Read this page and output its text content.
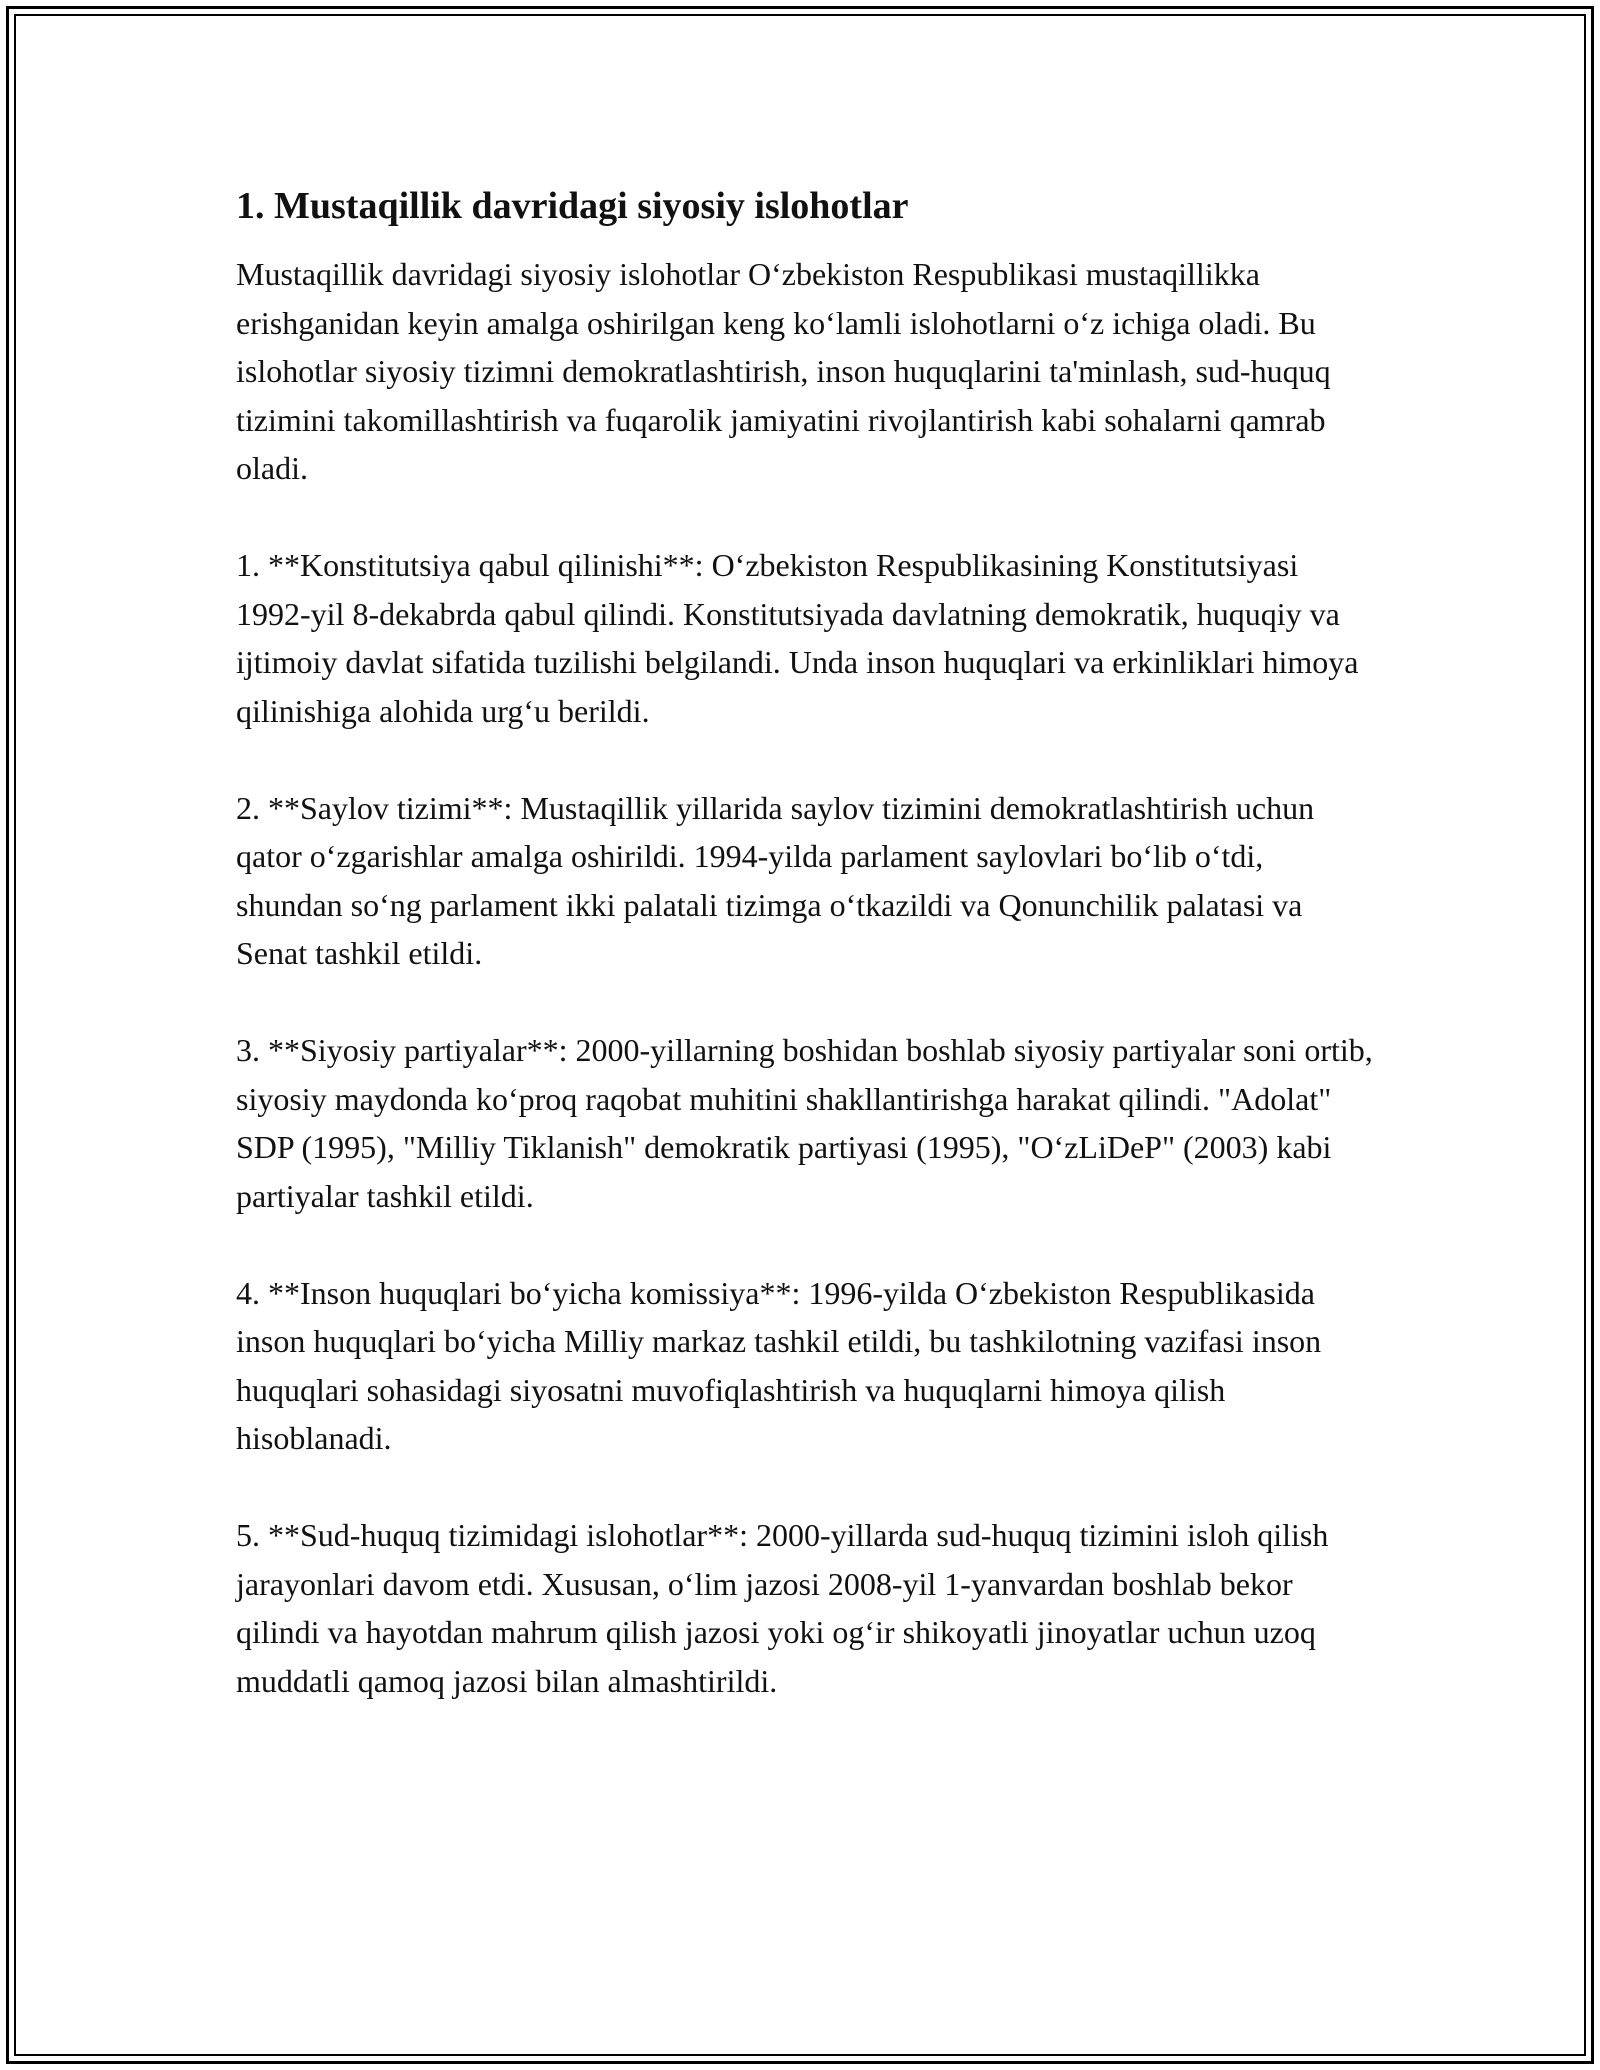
1. Mustaqillik davridagi siyosiy islohotlar

Mustaqillik davridagi siyosiy islohotlar O‘zbekiston Respublikasi mustaqillikka erishganidan keyin amalga oshirilgan keng ko‘lamli islohotlarni o‘z ichiga oladi. Bu islohotlar siyosiy tizimni demokratlashtirish, inson huquqlarini ta'minlash, sud-huquq tizimini takomillashtirish va fuqarolik jamiyatini rivojlantirish kabi sohalarni qamrab oladi.

1. **Konstitutsiya qabul qilinishi**: O‘zbekiston Respublikasining Konstitutsiyasi 1992-yil 8-dekabrda qabul qilindi. Konstitutsiyada davlatning demokratik, huquqiy va ijtimoiy davlat sifatida tuzilishi belgilandi. Unda inson huquqlari va erkinliklari himoya qilinishiga alohida urg‘u berildi.

2. **Saylov tizimi**: Mustaqillik yillarida saylov tizimini demokratlashtirish uchun qator o‘zgarishlar amalga oshirildi. 1994-yilda parlament saylovlari bo‘lib o‘tdi, shundan so‘ng parlament ikki palatali tizimga o‘tkazildi va Qonunchilik palatasi va Senat tashkil etildi.

3. **Siyosiy partiyalar**: 2000-yillarning boshidan boshlab siyosiy partiyalar soni ortib, siyosiy maydonda ko‘proq raqobat muhitini shakllantirishga harakat qilindi. "Adolat" SDP (1995), "Milliy Tiklanish" demokratik partiyasi (1995), "O‘zLiDeP" (2003) kabi partiyalar tashkil etildi.

4. **Inson huquqlari bo‘yicha komissiya**: 1996-yilda O‘zbekiston Respublikasida inson huquqlari bo‘yicha Milliy markaz tashkil etildi, bu tashkilotning vazifasi inson huquqlari sohasidagi siyosatni muvofiqlashtirish va huquqlarni himoya qilish hisoblanadi.

5. **Sud-huquq tizimidagi islohotlar**: 2000-yillarda sud-huquq tizimini isloh qilish jarayonlari davom etdi. Xususan, o‘lim jazosi 2008-yil 1-yanvardan boshlab bekor qilindi va hayotdan mahrum qilish jazosi yoki og‘ir shikoyatli jinoyatlar uchun uzoq muddatli qamoq jazosi bilan almashtirildi.
